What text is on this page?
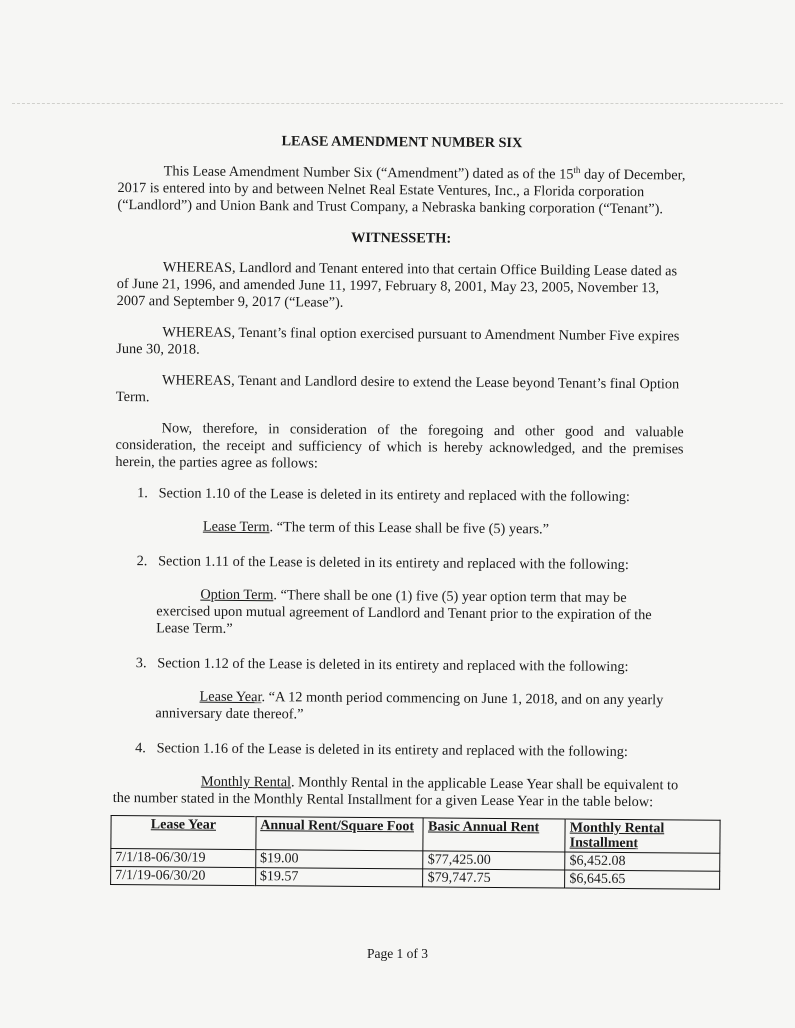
LEASE AMENDMENT NUMBER SIX

This Lease Amendment Number Six (“Amendment”) dated as of the 15th day of December, 2017 is entered into by and between Nelnet Real Estate Ventures, Inc., a Florida corporation (“Landlord”) and Union Bank and Trust Company, a Nebraska banking corporation (“Tenant”).

WITNESSETH:

WHEREAS, Landlord and Tenant entered into that certain Office Building Lease dated as of June 21, 1996, and amended June 11, 1997, February 8, 2001, May 23, 2005, November 13, 2007 and September 9, 2017 (“Lease”).

WHEREAS, Tenant’s final option exercised pursuant to Amendment Number Five expires June 30, 2018.

WHEREAS, Tenant and Landlord desire to extend the Lease beyond Tenant’s final Option Term.

Now, therefore, in consideration of the foregoing and other good and valuable consideration, the receipt and sufficiency of which is hereby acknowledged, and the premises herein, the parties agree as follows:

1. Section 1.10 of the Lease is deleted in its entirety and replaced with the following:

Lease Term. “The term of this Lease shall be five (5) years.”

2. Section 1.11 of the Lease is deleted in its entirety and replaced with the following:

Option Term. “There shall be one (1) five (5) year option term that may be exercised upon mutual agreement of Landlord and Tenant prior to the expiration of the Lease Term.”

3. Section 1.12 of the Lease is deleted in its entirety and replaced with the following:

Lease Year. “A 12 month period commencing on June 1, 2018, and on any yearly anniversary date thereof.”

4. Section 1.16 of the Lease is deleted in its entirety and replaced with the following:

Monthly Rental. Monthly Rental in the applicable Lease Year shall be equivalent to the number stated in the Monthly Rental Installment for a given Lease Year in the table below:

Lease Year	Annual Rent/Square Foot	Basic Annual Rent	Monthly Rental Installment
7/1/18-06/30/19	$19.00	$77,425.00	$6,452.08
7/1/19-06/30/20	$19.57	$79,747.75	$6,645.65
Page 1 of 3
